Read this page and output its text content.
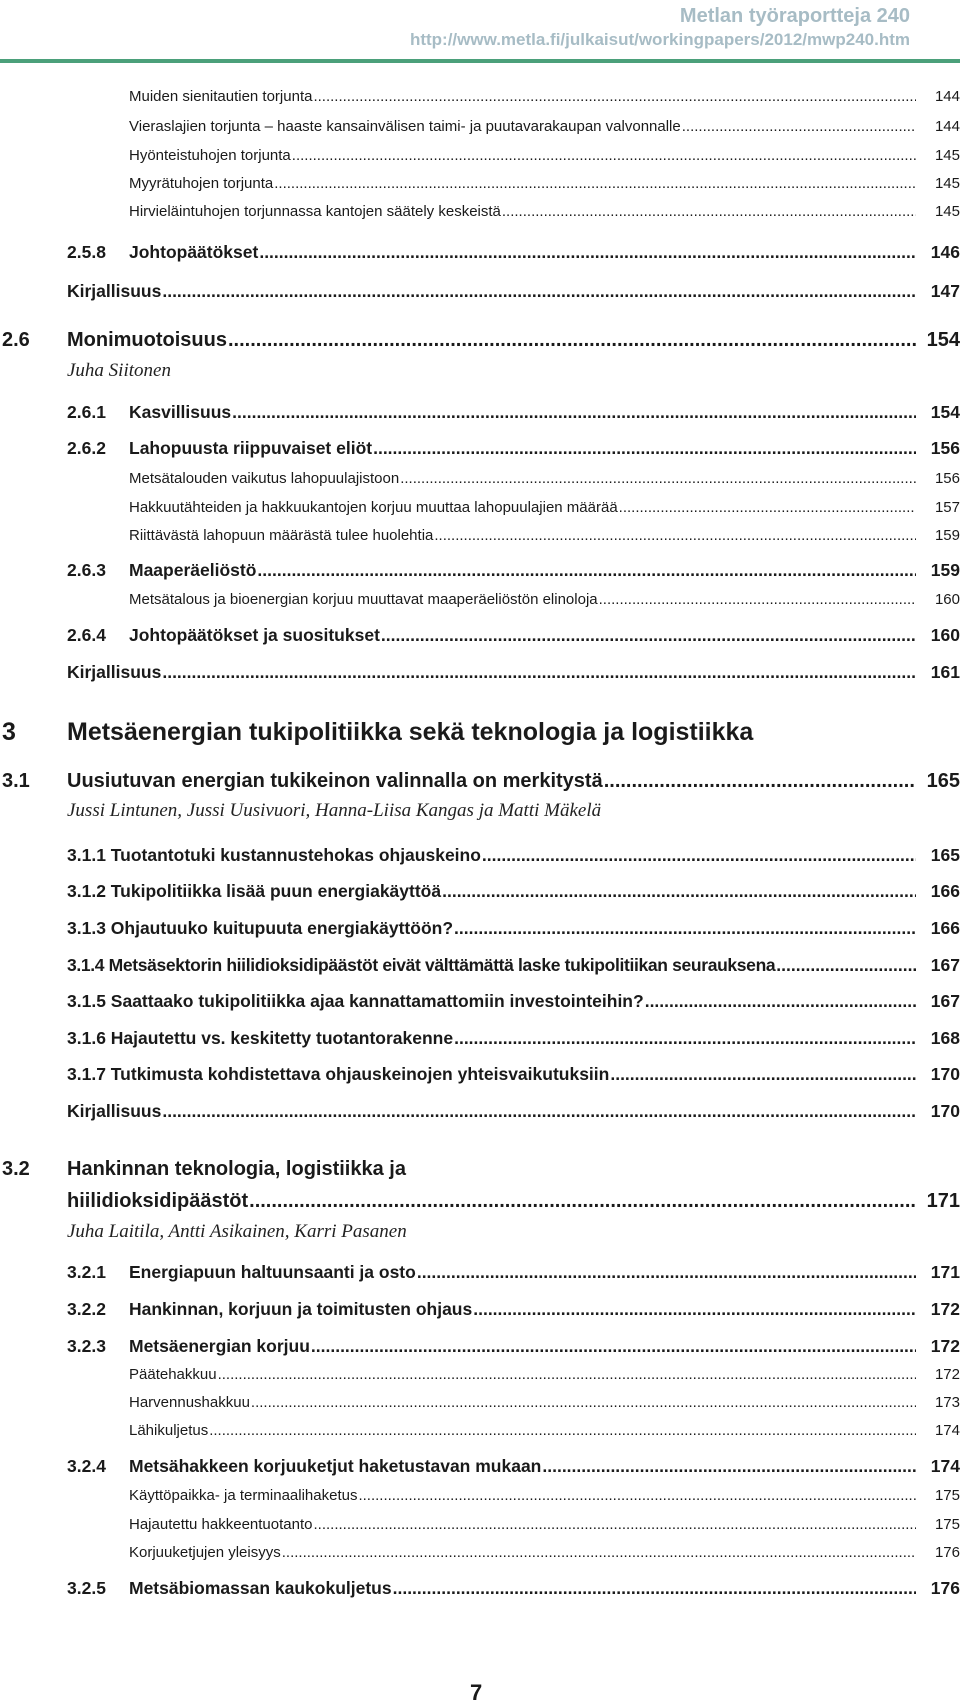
Metlan työraportteja 240
http://www.metla.fi/julkaisut/workingpapers/2012/mwp240.htm
Muiden sienitautien torjunta .....	144
Vieraslajien torjunta – haaste kansainvälisen taimi- ja puutavarakaupan valvonnalle .....	144
Hyönteistuhojen torjunta .....	145
Myyrätuhojen torjunta .....	145
Hirvieläintuhojen torjunnassa kantojen säätely keskeistä .....	145
2.5.8 Johtopäätökset .....	146
Kirjallisuus .....	147
2.6 Monimuotoisuus .....	154
Juha Siitonen
2.6.1 Kasvillisuus .....	154
2.6.2 Lahopuusta riippuvaiset eliöt .....	156
Metsätalouden vaikutus lahopuulajistoon .....	156
Hakkuutähteiden ja hakkuukantojen korjuu muuttaa lahopuulajien määrää .....	157
Riittävästä lahopuun määrästä tulee huolehtia .....	159
2.6.3 Maaperäeliöstö .....	159
Metsätalous ja bioenergian korjuu muuttavat maaperäeliöstön elinoloja .....	160
2.6.4 Johtopäätökset ja suositukset .....	160
Kirjallisuus .....	161
3 Metsäenergian tukipolitiikka sekä teknologia ja logistiikka
3.1 Uusiutuvan energian tukikeinon valinnalla on merkitystä .....	165
Jussi Lintunen, Jussi Uusivuori, Hanna-Liisa Kangas ja Matti Mäkelä
3.1.1 Tuotantotuki kustannustehokas ohjauskeino .....	165
3.1.2 Tukipolitiikka lisää puun energiakäyttöä .....	166
3.1.3 Ohjautuuko kuitupuuta energiakäyttöön? .....	166
3.1.4 Metsäsektorin hiilidioksidipäästöt eivät välttämättä laske tukipolitiikan seurauksena .....	167
3.1.5 Saattaako tukipolitiikka ajaa kannattamattomiin investointeihin? .....	167
3.1.6 Hajautettu vs. keskitetty tuotantorakenne .....	168
3.1.7 Tutkimusta kohdistettava ohjauskeinojen yhteisvaikutuksiin .....	170
Kirjallisuus .....	170
3.2 Hankinnan teknologia, logistiikka ja
hiilidioksidipäästöt .....	171
Juha Laitila, Antti Asikainen, Karri Pasanen
3.2.1 Energiapuun haltuunsaanti ja osto .....	171
3.2.2 Hankinnan, korjuun ja toimitusten ohjaus .....	172
3.2.3 Metsäenergian korjuu .....	172
Päätehakkuu .....	172
Harvennushakkuu .....	173
Lähikuljetus .....	174
3.2.4 Metsähakkeen korjuuketjut haketustavan mukaan .....	174
Käyttöpaikka- ja terminaalihaketus .....	175
Hajautettu hakkeentuotanto .....	175
Korjuuketjujen yleisyys .....	176
3.2.5 Metsäbiomassan kaukokuljetus .....	176
7
